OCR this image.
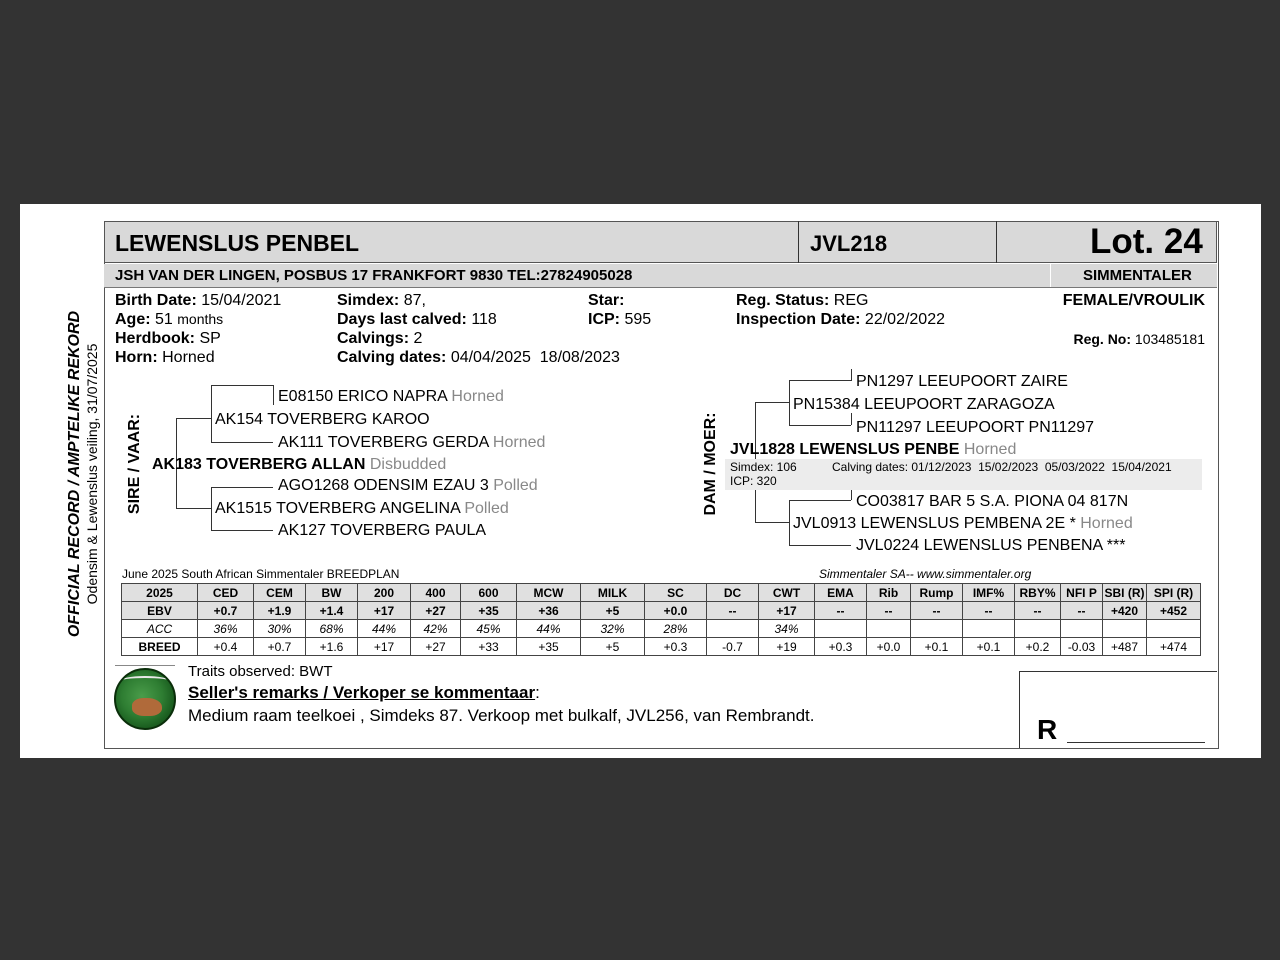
OFFICIAL RECORD / AMPTELIKE REKORD Odensim & Lewenslus veiling, 31/07/2025
LEWENSLUS PENBEL	JVL218	Lot. 24
JSH VAN DER LINGEN, POSBUS 17 FRANKFORT 9830 TEL:27824905028	SIMMENTALER
Birth Date: 15/04/2021
Age: 51 months
Herdbook: SP
Horn: Horned
Simdex: 87,
Days last calved: 118
Calvings: 2
Calving dates: 04/04/2025  18/08/2023
Star:
ICP: 595
Reg. Status: REG
Inspection Date: 22/02/2022
FEMALE/VROULIK
Reg. No: 103485181
SIRE / VAAR:
E08150 ERICO NAPRA Horned
AK154 TOVERBERG KAROO
AK111 TOVERBERG GERDA Horned
AK183 TOVERBERG ALLAN Disbudded
AGO1268 ODENSIM EZAU 3 Polled
AK1515 TOVERBERG ANGELINA Polled
AK127 TOVERBERG PAULA
DAM / MOER:
PN1297 LEEUPOORT ZAIRE
PN15384 LEEUPOORT ZARAGOZA
PN11297 LEEUPOORT PN11297
JVL1828 LEWENSLUS PENBE Horned
Simdex: 106	Calving dates: 01/12/2023  15/02/2023  05/03/2022  15/04/2021
ICP: 320
CO03817 BAR 5 S.A. PIONA 04 817N
JVL0913 LEWENSLUS PEMBENA 2E * Horned
JVL0224 LEWENSLUS PENBENA ***
June 2025 South African Simmentaler BREEDPLAN	Simmentaler SA-- www.simmentaler.org
2025	CED	CEM	BW	200	400	600	MCW	MILK	SC	DC	CWT	EMA	Rib	Rump	IMF%	RBY%	NFI P	SBI (R)	SPI (R)
EBV	+0.7	+1.9	+1.4	+17	+27	+35	+36	+5	+0.0	--	+17	--	--	--	--	--	--	+420	+452
ACC	36%	30%	68%	44%	42%	45%	44%	32%	28%		34%								
BREED	+0.4	+0.7	+1.6	+17	+27	+33	+35	+5	+0.3	-0.7	+19	+0.3	+0.0	+0.1	+0.1	+0.2	-0.03	+487	+474
Traits observed: BWT
Seller's remarks / Verkoper se kommentaar:
Medium raam teelkoei , Simdeks 87. Verkoop met bulkalf, JVL256, van Rembrandt.	R
